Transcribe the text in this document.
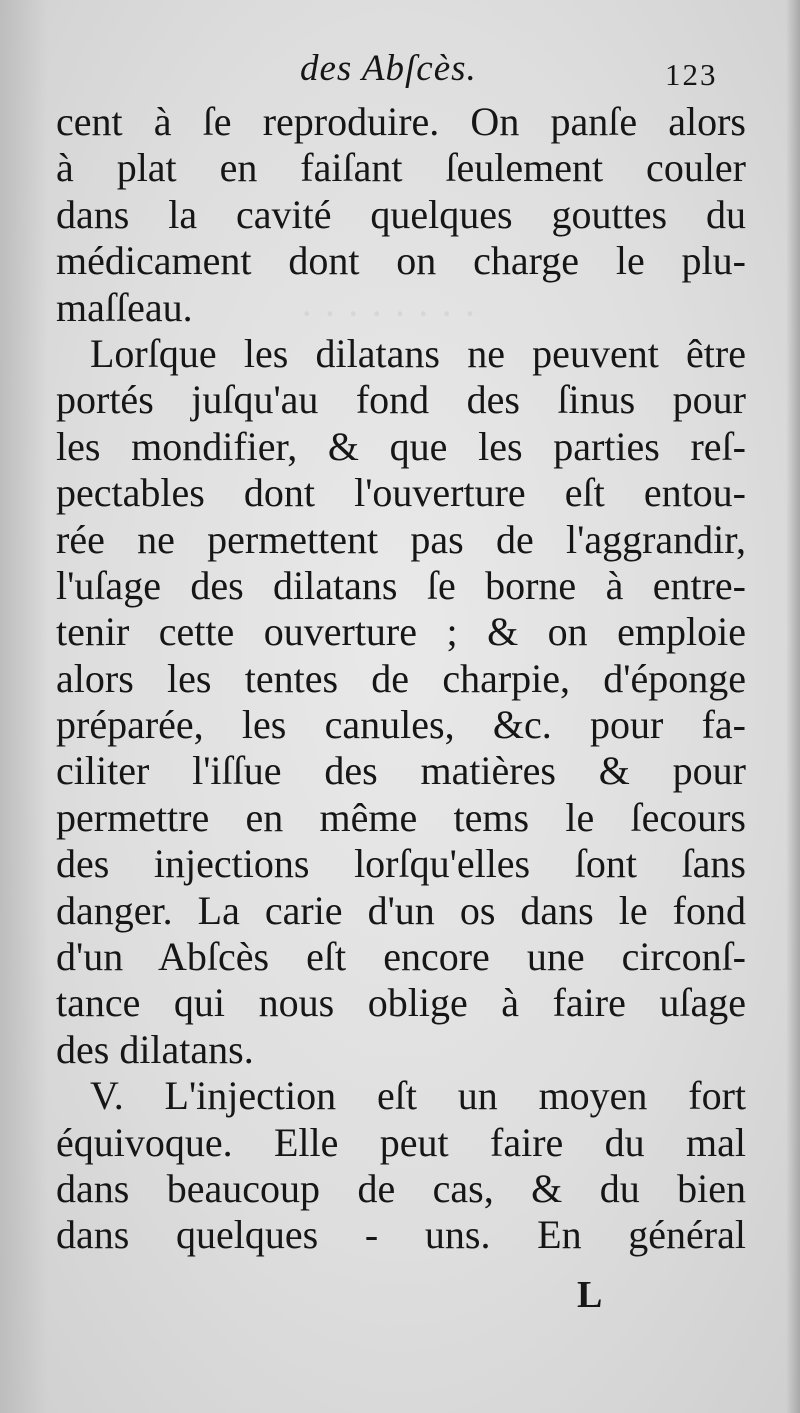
· · · · · · · ·
des Abſcès.	123
cent à ſe reproduire. On panſe alors
à plat en faiſant ſeulement couler
dans la cavité quelques gouttes du
médicament dont on charge le plu-
maſſeau.
Lorſque les dilatans ne peuvent être
portés juſqu'au fond des ſinus pour
les mondifier, & que les parties reſ-
pectables dont l'ouverture eſt entou-
rée ne permettent pas de l'aggrandir,
l'uſage des dilatans ſe borne à entre-
tenir cette ouverture ; & on emploie
alors les tentes de charpie, d'éponge
préparée, les canules, &c. pour fa-
ciliter l'iſſue des matières & pour
permettre en même tems le ſecours
des injections lorſqu'elles ſont ſans
danger. La carie d'un os dans le fond
d'un Abſcès eſt encore une circonſ-
tance qui nous oblige à faire uſage
des dilatans.
V. L'injection eſt un moyen fort
équivoque. Elle peut faire du mal
dans beaucoup de cas, & du bien
dans quelques - uns. En général
L
